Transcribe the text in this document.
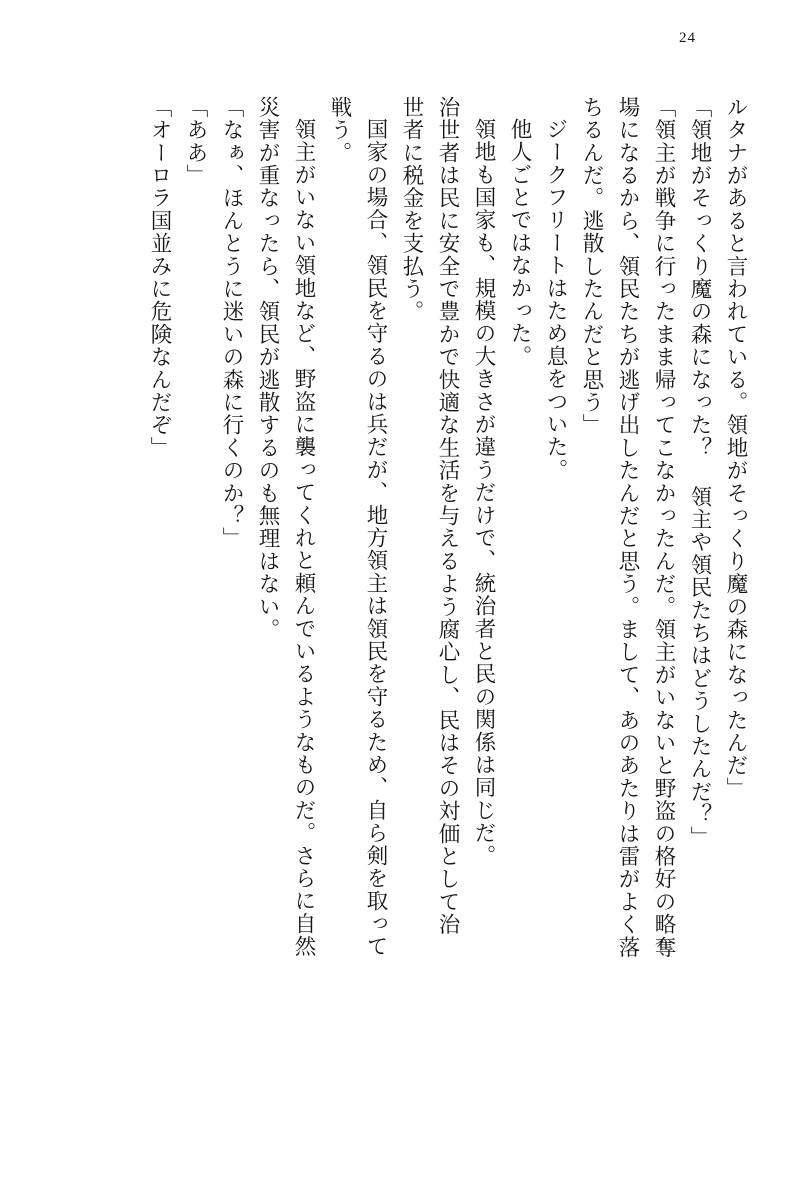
24
ルタナがあると言われている。領地がそっくり魔の森になったんだ」
「領地がそっくり魔の森になった？ 領主や領民たちはどうしたんだ？」
「領主が戦争に行ったまま帰ってこなかったんだ。領主がいないと野盗の格好の略奪
場になるから、領民たちが逃げ出したんだと思う。まして、あのあたりは雷がよく落
ちるんだ。逃散したんだと思う」
ジークフリートはため息をついた。
他人ごとではなかった。
領地も国家も、規模の大きさが違うだけで、統治者と民の関係は同じだ。
治世者は民に安全で豊かで快適な生活を与えるよう腐心し、民はその対価として治
世者に税金を支払う。
国家の場合、領民を守るのは兵だが、地方領主は領民を守るため、自ら剣を取って
戦う。
領主がいない領地など、野盗に襲ってくれと頼んでいるようなものだ。さらに自然
災害が重なったら、領民が逃散するのも無理はない。
「なぁ、ほんとうに迷いの森に行くのか？」
「ああ」
「オーロラ国並みに危険なんだぞ」
